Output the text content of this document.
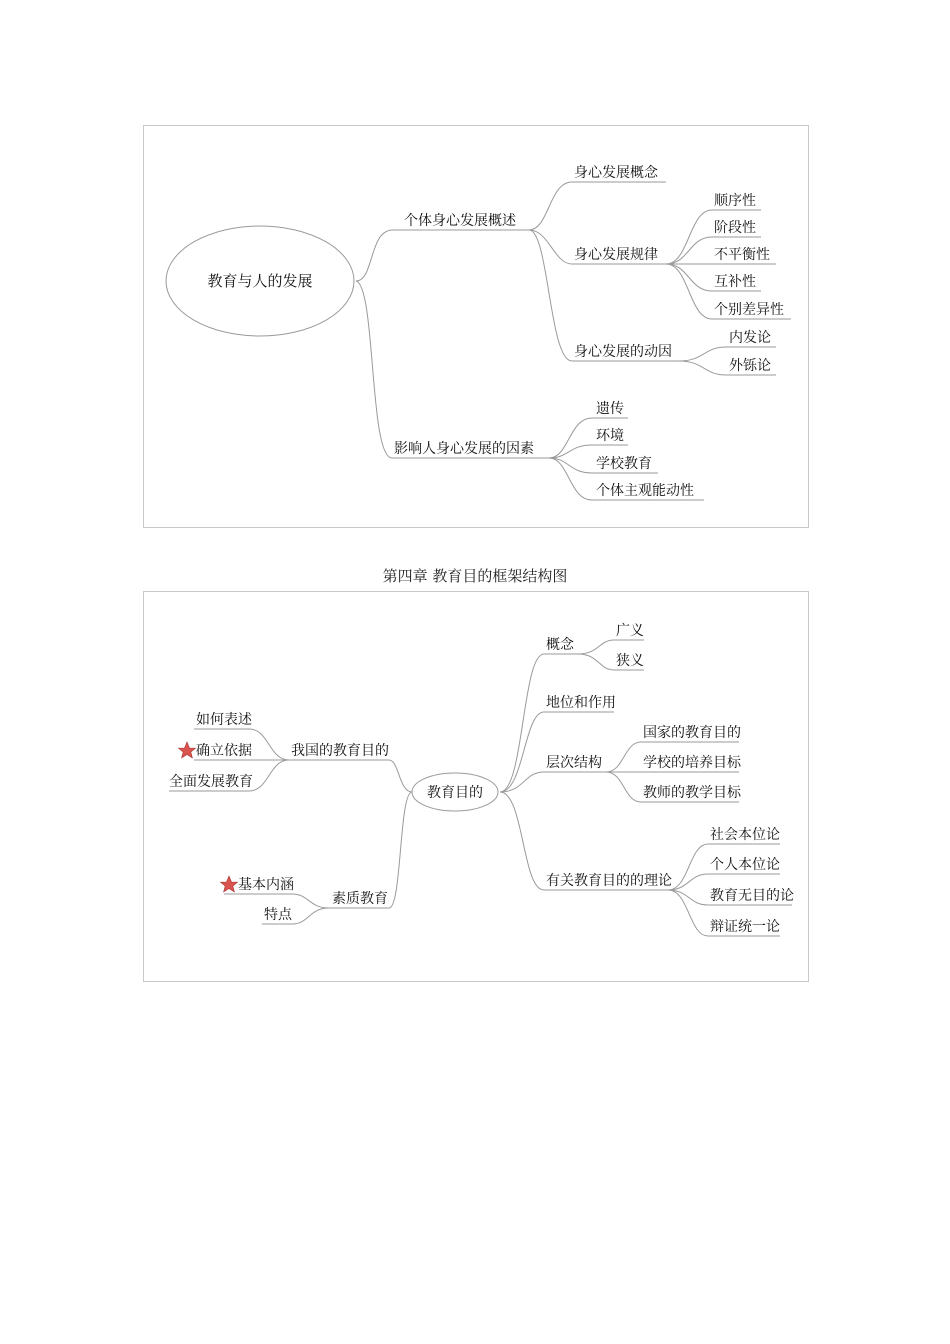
教育与人的发展
个体身心发展概述
影响人身心发展的因素
身心发展概念
身心发展规律
身心发展的动因
顺序性
阶段性
不平衡性
互补性
个别差异性
内发论
外铄论
遗传
环境
学校教育
个体主观能动性
第四章 教育目的框架结构图
教育目的
概念
广义
狭义
地位和作用
层次结构
国家的教育目的
学校的培养目标
教师的教学目标
有关教育目的的理论
社会本位论
个人本位论
教育无目的论
辩证统一论
我国的教育目的
如何表述
确立依据
全面发展教育
素质教育
基本内涵
特点
